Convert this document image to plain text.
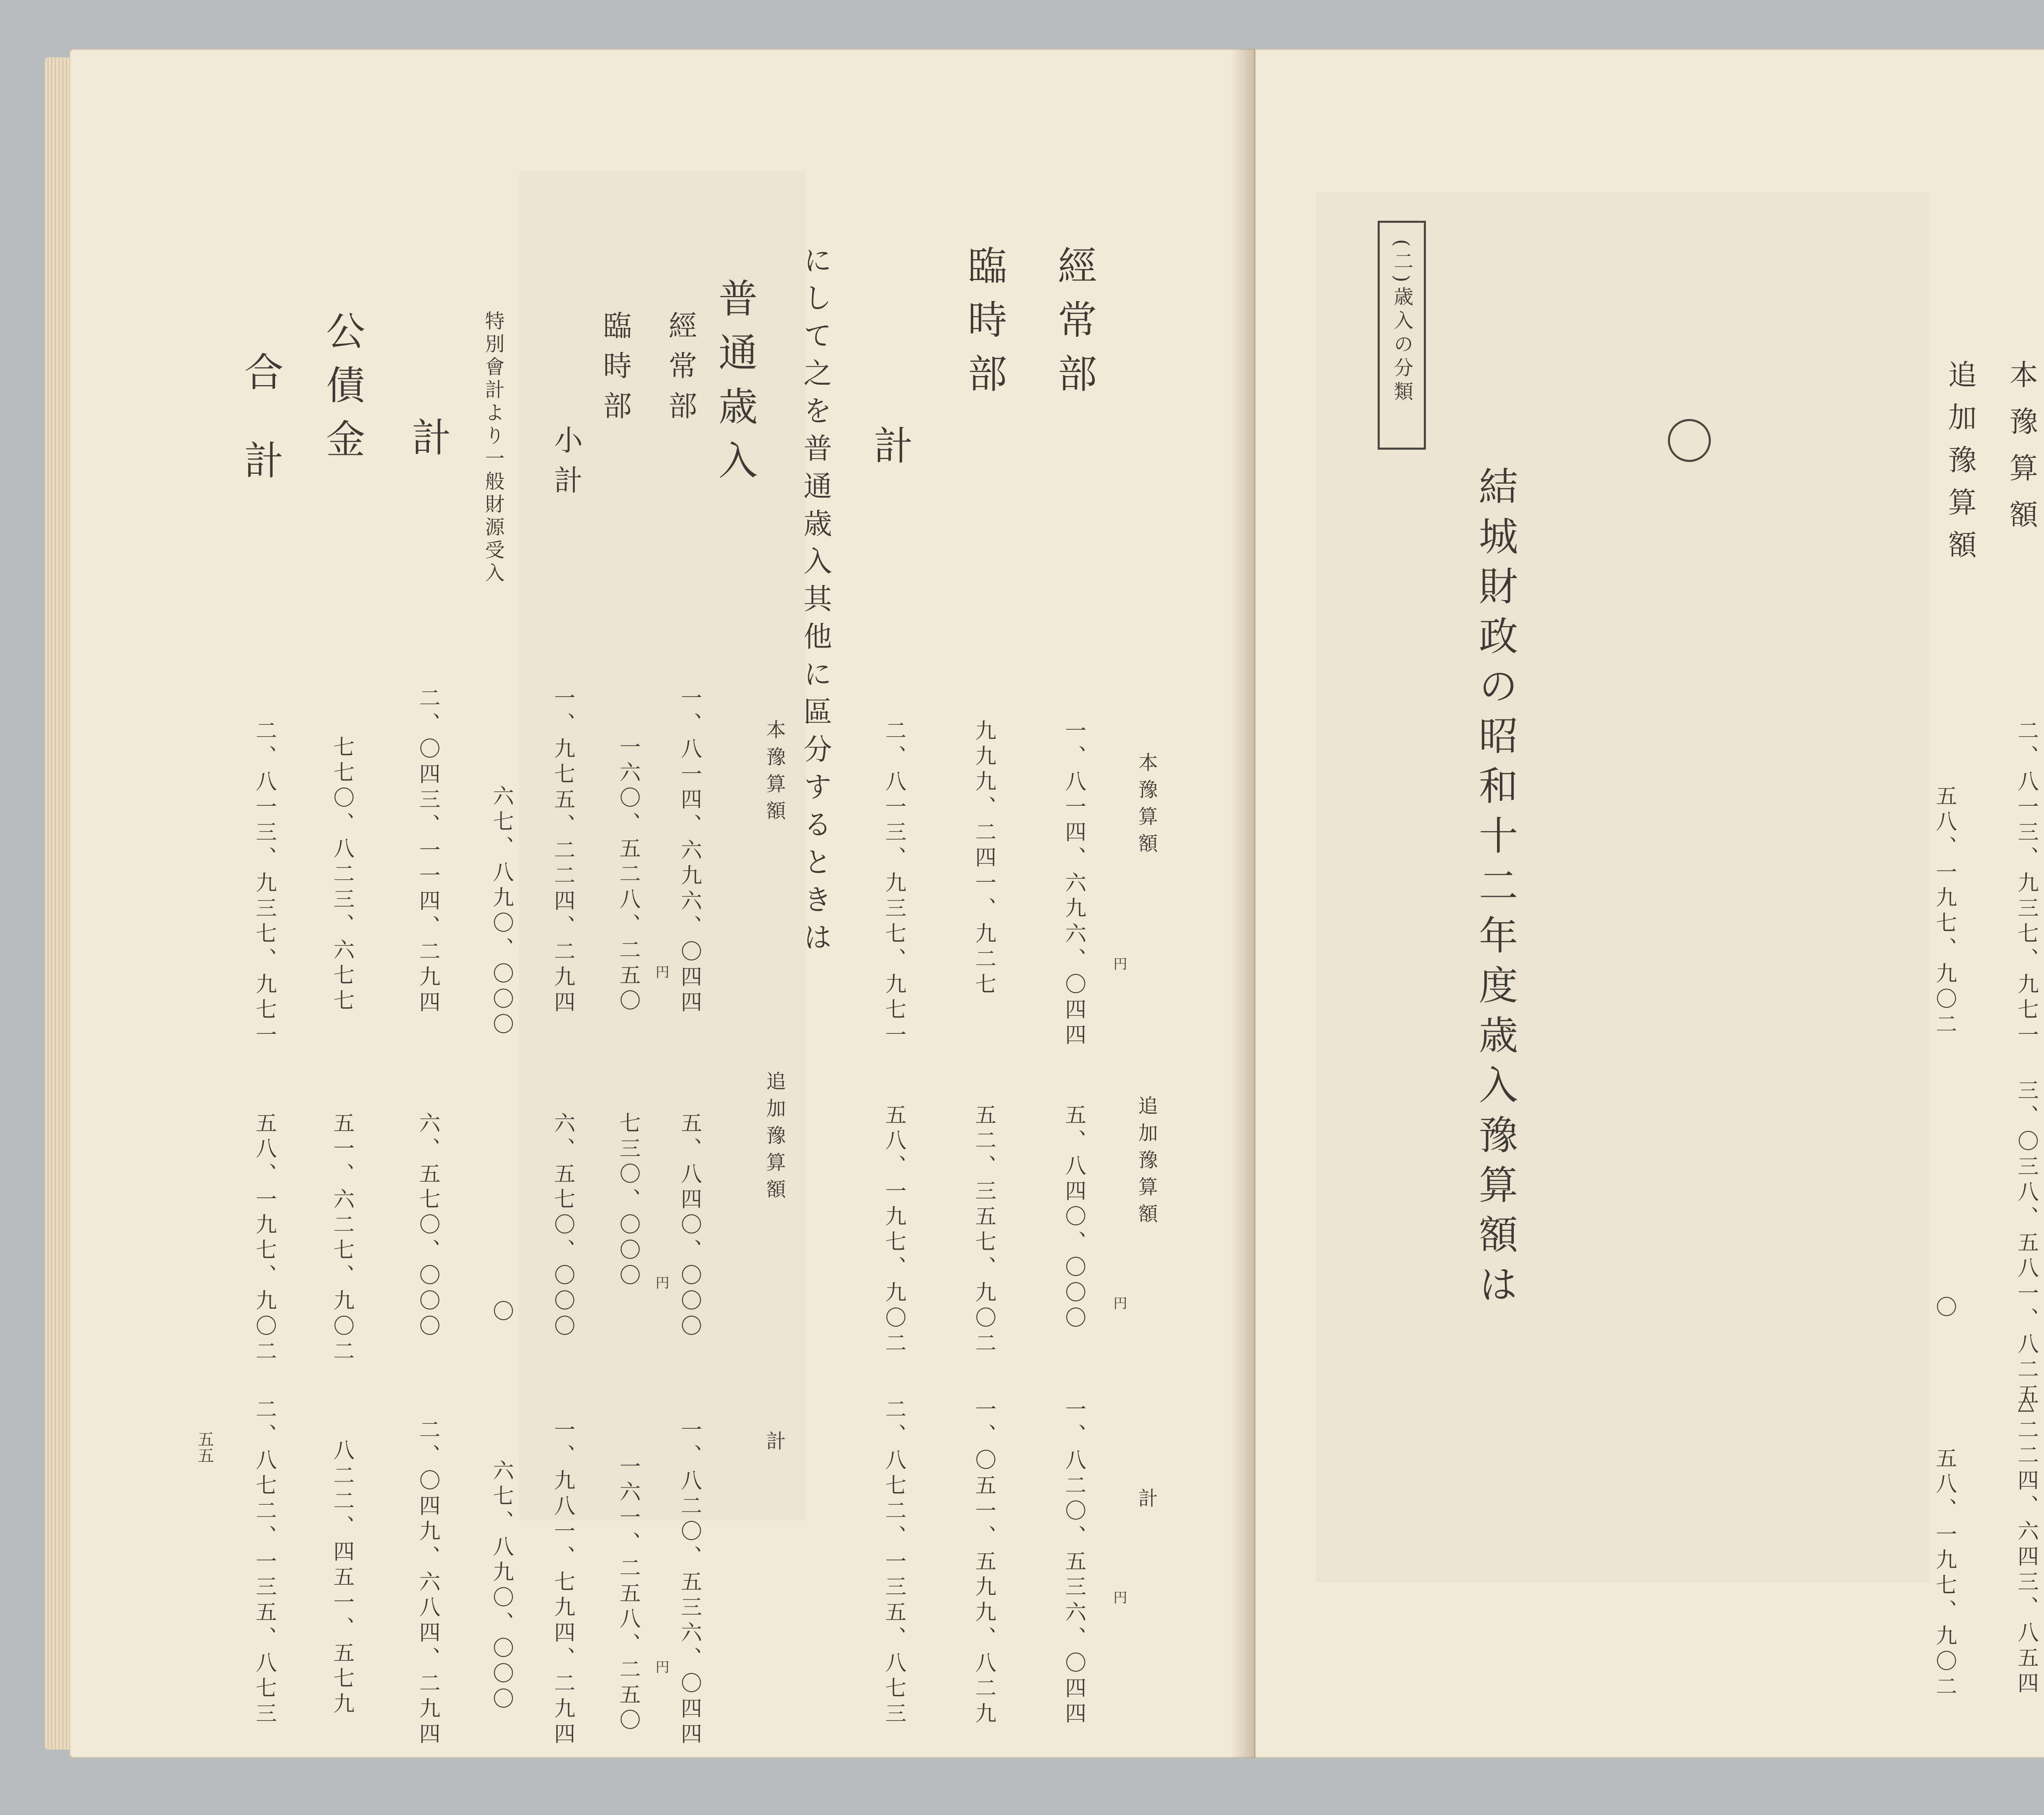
本豫算額
円
追加豫算額
円
計
円
經常部
一、八一四、六九六、〇四四
五、八四〇、〇〇〇
一、八二〇、五三六、〇四四
臨時部
九九九、二四一、九二七
五二、三五七、九〇二
一、〇五一、五九九、八二九
計
二、八一三、九三七、九七一
五八、一九七、九〇二
二、八七二、一三五、八七三
にして之を普通歳入其他に區分するときは
普通歳入
本豫算額
追加豫算額
計
經常部
一、八一四、六九六、〇四四
円
五、八四〇、〇〇〇
円
一、八二〇、五三六、〇四四
円
臨時部
一六〇、五二八、二五〇
七三〇、〇〇〇
一六一、二五八、二五〇
小計
一、九七五、二二四、二九四
六、五七〇、〇〇〇
一、九八一、七九四、二九四
特別會計より一般財源受入
六七、八九〇、〇〇〇
〇
六七、八九〇、〇〇〇
計
二、〇四三、一一四、二九四
六、五七〇、〇〇〇
二、〇四九、六八四、二九四
公債金
七七〇、八二三、六七七
五一、六二七、九〇二
八二二、四五一、五七九
合計
二、八一三、九三七、九七一
五八、一九七、九〇二
二、八七二、一三五、八七三
五五
本豫算額
二、八一三、九三七、九七一
三、〇三八、五八一、八二五
△二二四、六四三、八五四
追加豫算額
五八、一九七、九〇二
〇
五八、一九七、九〇二
(二)歳入の分類
結城財政の昭和十二年度歳入豫算額は
